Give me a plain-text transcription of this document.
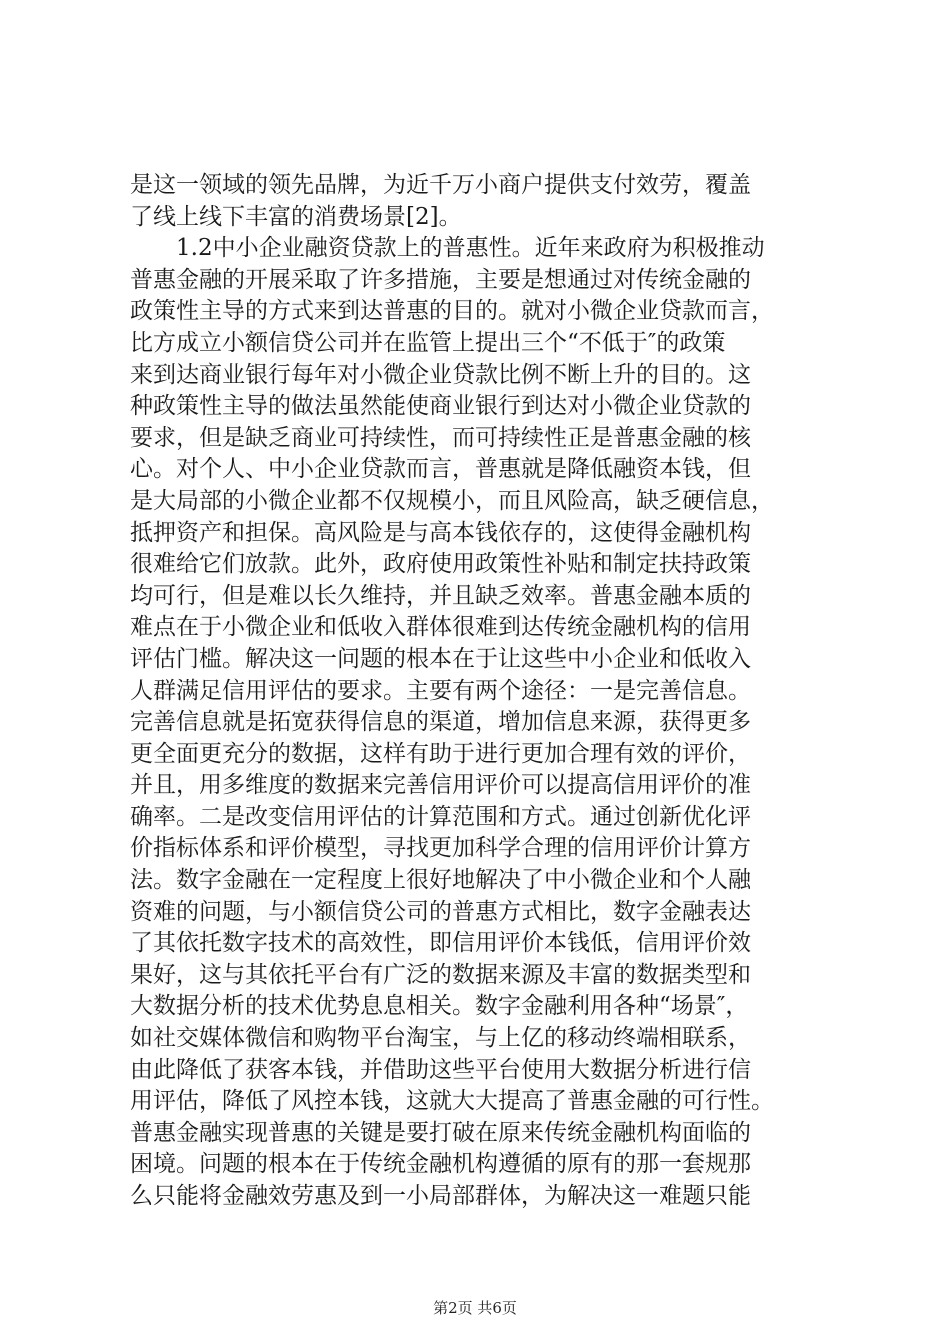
是这一领域的领先品牌，为近千万小商户提供支付效劳，覆盖
了线上线下丰富的消费场景[2]。
　　1.2中小企业融资贷款上的普惠性。近年来政府为积极推动
普惠金融的开展采取了许多措施，主要是想通过对传统金融的
政策性主导的方式来到达普惠的目的。就对小微企业贷款而言，
比方成立小额信贷公司并在监管上提出三个“不低于″的政策
来到达商业银行每年对小微企业贷款比例不断上升的目的。这
种政策性主导的做法虽然能使商业银行到达对小微企业贷款的
要求，但是缺乏商业可持续性，而可持续性正是普惠金融的核
心。对个人、中小企业贷款而言，普惠就是降低融资本钱，但
是大局部的小微企业都不仅规模小，而且风险高，缺乏硬信息，
抵押资产和担保。高风险是与高本钱依存的，这使得金融机构
很难给它们放款。此外，政府使用政策性补贴和制定扶持政策
均可行，但是难以长久维持，并且缺乏效率。普惠金融本质的
难点在于小微企业和低收入群体很难到达传统金融机构的信用
评估门槛。解决这一问题的根本在于让这些中小企业和低收入
人群满足信用评估的要求。主要有两个途径：一是完善信息。
完善信息就是拓宽获得信息的渠道，增加信息来源，获得更多
更全面更充分的数据，这样有助于进行更加合理有效的评价，
并且，用多维度的数据来完善信用评价可以提高信用评价的准
确率。二是改变信用评估的计算范围和方式。通过创新优化评
价指标体系和评价模型，寻找更加科学合理的信用评价计算方
法。数字金融在一定程度上很好地解决了中小微企业和个人融
资难的问题，与小额信贷公司的普惠方式相比，数字金融表达
了其依托数字技术的高效性，即信用评价本钱低，信用评价效
果好，这与其依托平台有广泛的数据来源及丰富的数据类型和
大数据分析的技术优势息息相关。数字金融利用各种“场景″，
如社交媒体微信和购物平台淘宝，与上亿的移动终端相联系，
由此降低了获客本钱，并借助这些平台使用大数据分析进行信
用评估，降低了风控本钱，这就大大提高了普惠金融的可行性。
普惠金融实现普惠的关键是要打破在原来传统金融机构面临的
困境。问题的根本在于传统金融机构遵循的原有的那一套规那
么只能将金融效劳惠及到一小局部群体，为解决这一难题只能
第2页 共6页
